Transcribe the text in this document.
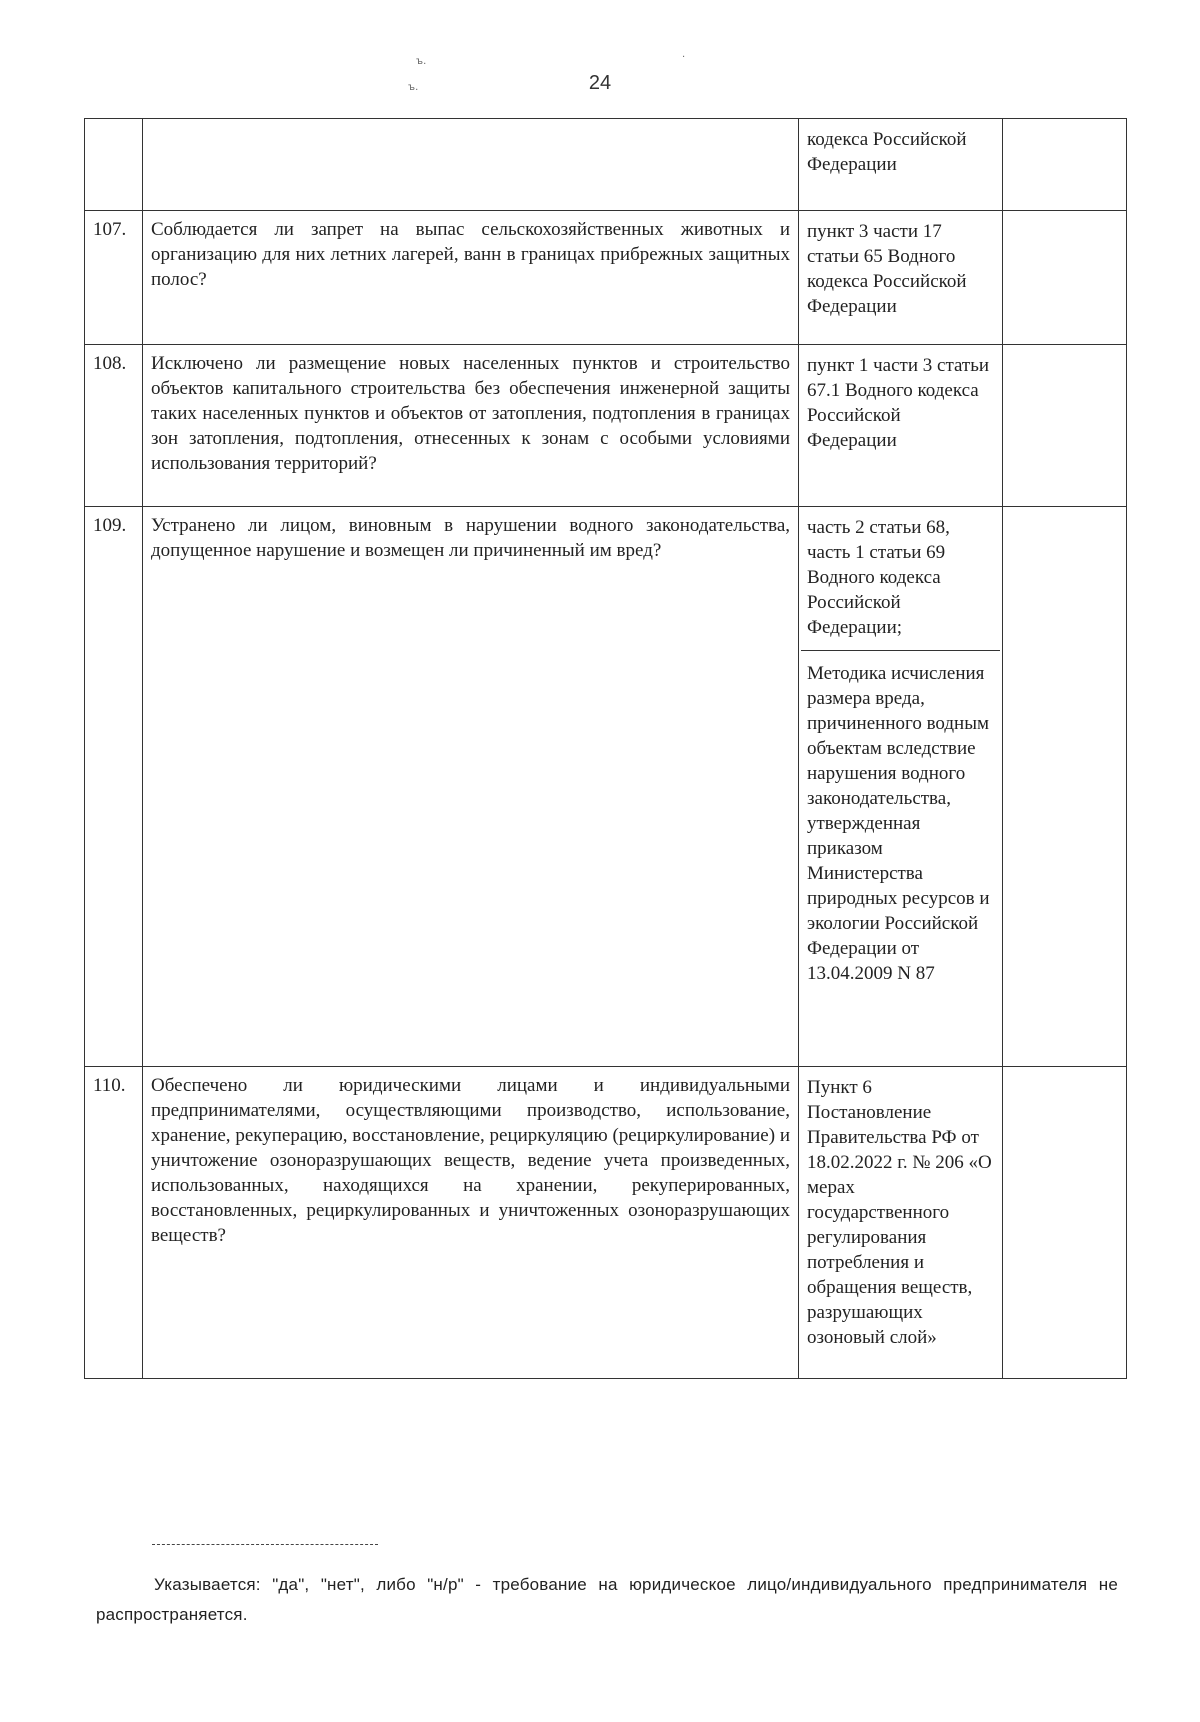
ъ.
ъ.
·
24

		кодекса Российской Федерации	

107.	Соблюдается ли запрет на выпас сельскохозяйственных животных и организацию для них летних лагерей, ванн в границах прибрежных защитных полос?	пункт 3 части 17 статьи 65 Водного кодекса Российской Федерации	

108.	Исключено ли размещение новых населенных пунктов и строительство объектов капитального строительства без обеспечения инженерной защиты таких населенных пунктов и объектов от затопления, подтопления в границах зон затопления, подтопления, отнесенных к зонам с особыми условиями использования территорий?	пункт 1 части 3 статьи 67.1 Водного кодекса Российской Федерации	

109.	Устранено ли лицом, виновным в нарушении водного законодательства, допущенное нарушение и возмещен ли причиненный им вред?	часть 2 статьи 68, часть 1 статьи 69 Водного кодекса Российской Федерации;
Методика исчисления размера вреда, причиненного водным объектам вследствие нарушения водного законодательства, утвержденная приказом Министерства природных ресурсов и экологии Российской Федерации от 13.04.2009 N 87	

110.	Обеспечено ли юридическими лицами и индивидуальными предпринимателями, осуществляющими производство, использование, хранение, рекуперацию, восстановление, рециркуляцию (рециркулирование) и уничтожение озоноразрушающих веществ, ведение учета произведенных, использованных, находящихся на хранении, рекуперированных, восстановленных, рециркулированных и уничтоженных озоноразрушающих веществ?	Пункт 6 Постановление Правительства РФ от 18.02.2022 г. № 206 «О мерах государственного регулирования потребления и обращения веществ, разрушающих озоновый слой»	

Указывается: "да", "нет", либо "н/р" - требование на юридическое лицо/индивидуального предпринимателя не распространяется.
